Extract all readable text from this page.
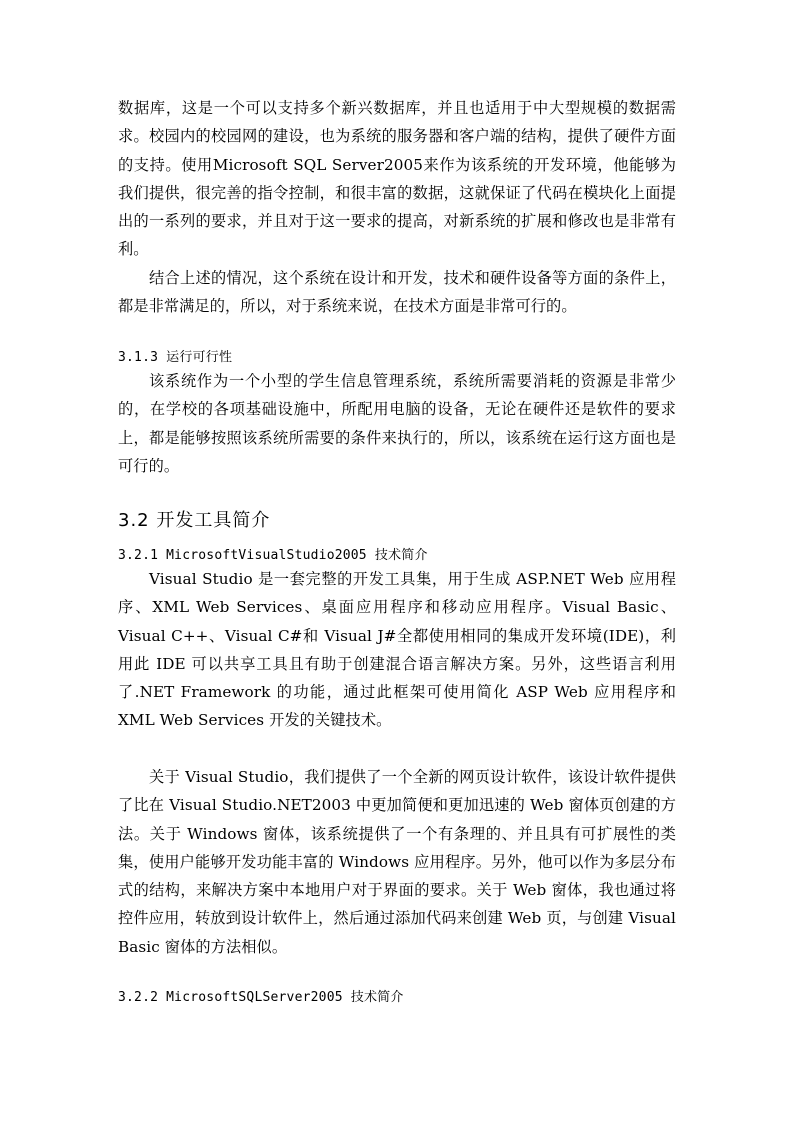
数据库，这是一个可以支持多个新兴数据库，并且也适用于中大型规模的数据需求。校园内的校园网的建设，也为系统的服务器和客户端的结构，提供了硬件方面的支持。使用Microsoft SQL Server2005来作为该系统的开发环境，他能够为我们提供，很完善的指令控制，和很丰富的数据，这就保证了代码在模块化上面提出的一系列的要求，并且对于这一要求的提高，对新系统的扩展和修改也是非常有利。
结合上述的情况，这个系统在设计和开发，技术和硬件设备等方面的条件上，都是非常满足的，所以，对于系统来说，在技术方面是非常可行的。
3.1.3 运行可行性
该系统作为一个小型的学生信息管理系统，系统所需要消耗的资源是非常少的，在学校的各项基础设施中，所配用电脑的设备，无论在硬件还是软件的要求上，都是能够按照该系统所需要的条件来执行的，所以，该系统在运行这方面也是可行的。
3.2 开发工具简介
3.2.1 MicrosoftVisualStudio2005 技术简介
Visual Studio 是一套完整的开发工具集，用于生成 ASP.NET Web 应用程序、XML Web Services、桌面应用程序和移动应用程序。Visual Basic、Visual C++、Visual C#和 Visual J#全都使用相同的集成开发环境(IDE)，利用此 IDE 可以共享工具且有助于创建混合语言解决方案。另外，这些语言利用了.NET Framework 的功能，通过此框架可使用简化 ASP Web 应用程序和 XML Web Services 开发的关键技术。
关于 Visual Studio，我们提供了一个全新的网页设计软件，该设计软件提供了比在 Visual Studio.NET2003 中更加简便和更加迅速的 Web 窗体页创建的方法。关于 Windows 窗体，该系统提供了一个有条理的、并且具有可扩展性的类集，使用户能够开发功能丰富的 Windows 应用程序。另外，他可以作为多层分布式的结构，来解决方案中本地用户对于界面的要求。关于 Web 窗体，我也通过将控件应用，转放到设计软件上，然后通过添加代码来创建 Web 页，与创建 Visual Basic 窗体的方法相似。
3.2.2 MicrosoftSQLServer2005 技术简介
